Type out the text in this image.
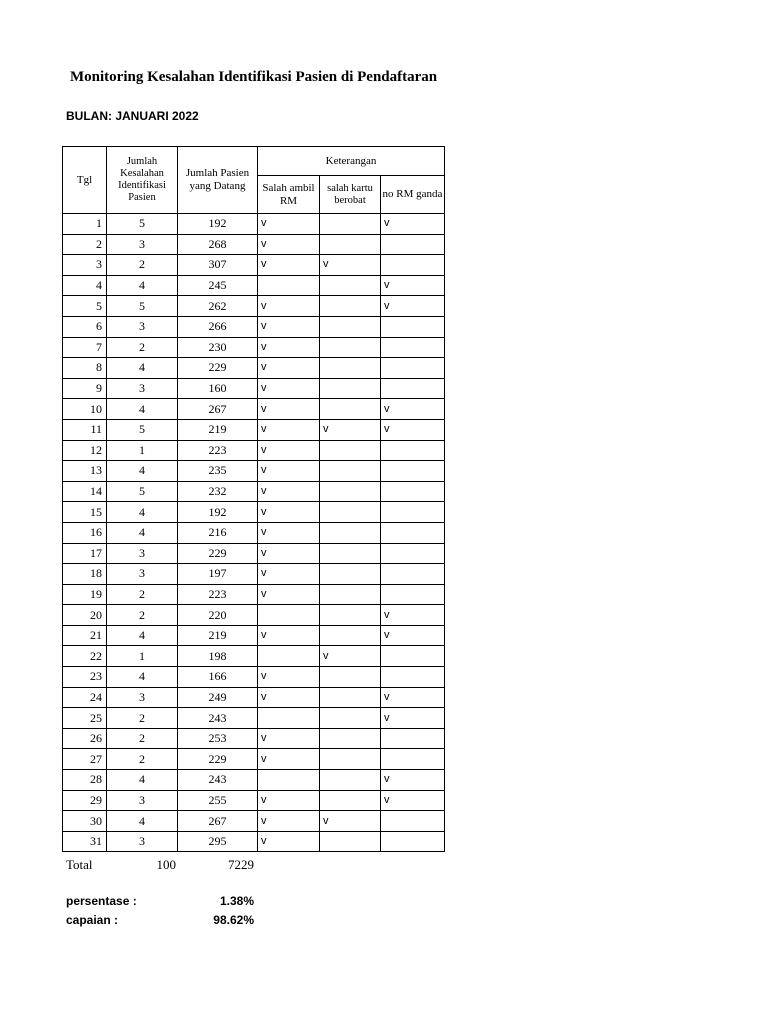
Monitoring Kesalahan Identifikasi Pasien di Pendaftaran
BULAN: JANUARI 2022
Tgl	Jumlah Kesalahan Identifikasi Pasien	Jumlah Pasien yang Datang	Keterangan		
			Salah ambil RM	salah kartu berobat	no RM ganda
1	5	192	v		v
2	3	268	v		
3	2	307	v	v	
4	4	245			v
5	5	262	v		v
6	3	266	v		
7	2	230	v		
8	4	229	v		
9	3	160	v		
10	4	267	v		v
11	5	219	v	v	v
12	1	223	v		
13	4	235	v		
14	5	232	v		
15	4	192	v		
16	4	216	v		
17	3	229	v		
18	3	197	v		
19	2	223	v		
20	2	220			v
21	4	219	v		v
22	1	198		v	
23	4	166	v		
24	3	249	v		v
25	2	243			v
26	2	253	v		
27	2	229	v		
28	4	243			v
29	3	255	v		v
30	4	267	v	v	
31	3	295	v		
Total	100	7229
persentase :	1.38%
capaian :	98.62%
